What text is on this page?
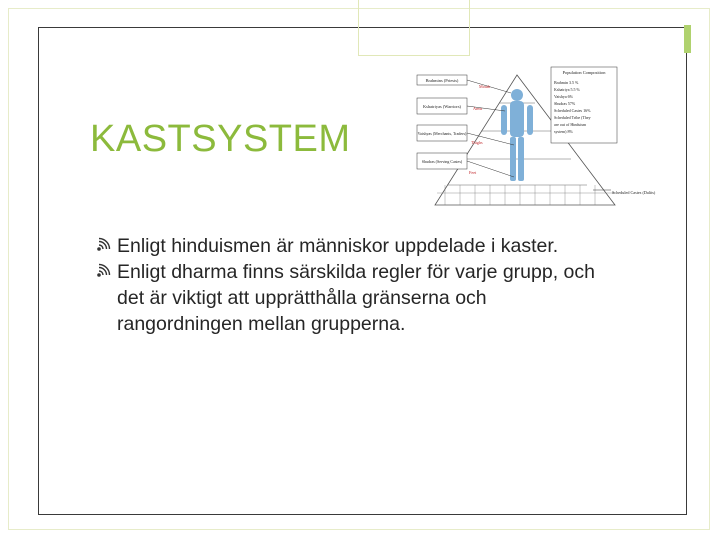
KASTSYSTEM
Brahmins (Priests)
Kshatriyas (Warriors)
Vaishyas (Merchants, Traders)
Shudras (Serving Castes)
Mouth
Arms
Thighs
Feet
Population Composition
Brahmin 3.5 %
Kshatriya 5.5 %
Vaishya 6%
Shudras 57%
Scheduled Castes 16%
Scheduled Tribe (They
are out of Hinduism
system) 8%
Scheduled Castes (Dalits)
Enligt hinduismen är människor uppdelade i kaster.
Enligt dharma finns särskilda regler för varje grupp, och det är viktigt att upprätthålla gränserna och rangordningen mellan grupperna.
